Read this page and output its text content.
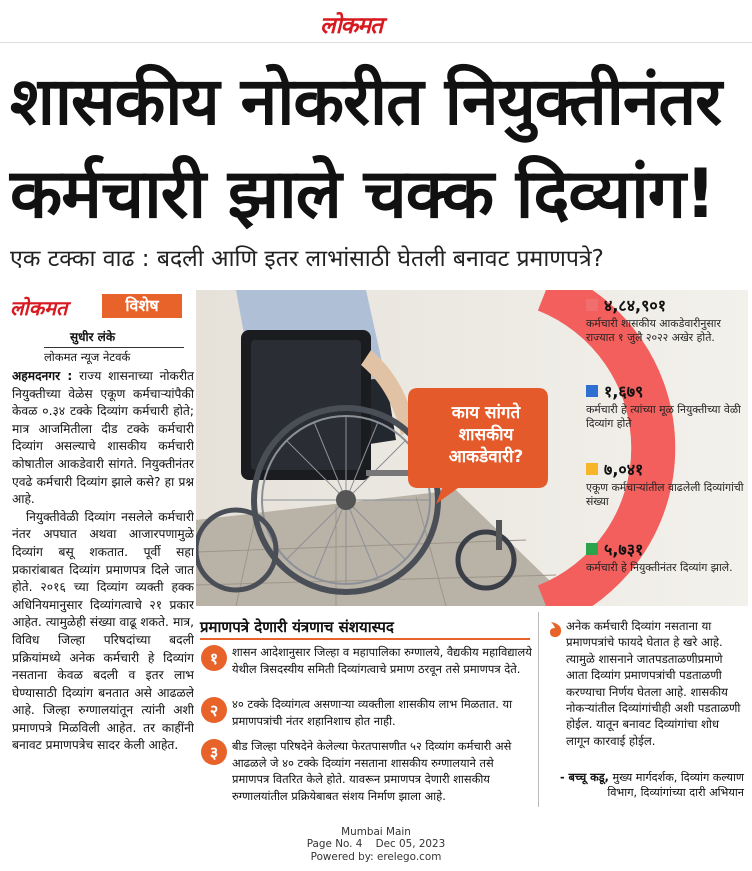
लोकमत
शासकीय नोकरीत नियुक्तीनंतर
कर्मचारी झाले चक्क दिव्यांग!
एक टक्का वाढ : बदली आणि इतर लाभांसाठी घेतली बनावट प्रमाणपत्रे?
लोकमत	विशेष
सुधीर लंके
लोकमत न्यूज नेटवर्क

अहमदनगर : राज्य शासनाच्या नोकरीत नियुक्तीच्या वेळेस एकूण कर्मचाऱ्यांपैकी केवळ ०.३४ टक्के दिव्यांग कर्मचारी होते; मात्र आजमितीला दीड टक्के कर्मचारी दिव्यांग असल्याचे शासकीय कर्मचारी कोषातील आकडेवारी सांगते. नियुक्तीनंतर एवढे कर्मचारी दिव्यांग झाले कसे? हा प्रश्न आहे.

नियुक्तीवेळी दिव्यांग नसलेले कर्मचारी नंतर अपघात अथवा आजारपणामुळे दिव्यांग बसू शकतात. पूर्वी सहा प्रकारांबाबत दिव्यांग प्रमाणपत्र दिले जात होते. २०१६ च्या दिव्यांग व्यक्ती हक्क अधिनियमानुसार दिव्यांगत्वाचे २१ प्रकार आहेत. त्यामुळेही संख्या वाढू शकते. मात्र, विविध जिल्हा परिषदांच्या बदली प्रक्रियांमध्ये अनेक कर्मचारी हे दिव्यांग नसताना केवळ बदली व इतर लाभ घेण्यासाठी दिव्यांग बनतात असे आढळले आहे. जिल्हा रुग्णालयांतून त्यांनी अशी प्रमाणपत्रे मिळविली आहेत. तर काहींनी बनावट प्रमाणपत्रेच सादर केली आहेत.

काय सांगते शासकीय आकडेवारी?
४,८४,९०१
कर्मचारी शासकीय आकडेवारीनुसार राज्यात १ जुलै २०२२ अखेर होते.
१,६७९
कर्मचारी हे त्यांच्या मूळ नियुक्तीच्या वेळी दिव्यांग होते
७,०४१
एकूण कर्मचाऱ्यांतील वाढलेली दिव्यांगांची संख्या
५,७३१
कर्मचारी हे नियुक्तीनंतर दिव्यांग झाले.
प्रमाणपत्रे देणारी यंत्रणाच संशयास्पद
१ शासन आदेशानुसार जिल्हा व महापालिका रुग्णालये, वैद्यकीय महाविद्यालये येथील त्रिसदस्यीय समिती दिव्यांगत्वाचे प्रमाण ठरवून तसे प्रमाणपत्र देते.
२ ४० टक्के दिव्यांगत्व असणाऱ्या व्यक्तीला शासकीय लाभ मिळतात. या प्रमाणपत्रांची नंतर शहानिशाच होत नाही.
३ बीड जिल्हा परिषदेने केलेल्या फेरतपासणीत ५२ दिव्यांग कर्मचारी असे आढळले जे ४० टक्के दिव्यांग नसताना शासकीय रुग्णालयाने तसे प्रमाणपत्र वितरित केले होते. यावरून प्रमाणपत्र देणारी शासकीय रुग्णालयांतील प्रक्रियेबाबत संशय निर्माण झाला आहे.

अनेक कर्मचारी दिव्यांग नसताना या प्रमाणपत्रांचे फायदे घेतात हे खरे आहे. त्यामुळे शासनाने जातपडताळणीप्रमाणे आता दिव्यांग प्रमाणपत्रांची पडताळणी करण्याचा निर्णय घेतला आहे. शासकीय नोकऱ्यांतील दिव्यांगांचीही अशी पडताळणी होईल. यातून बनावट दिव्यांगांचा शोध लागून कारवाई होईल.

- बच्चू कडू, मुख्य मार्गदर्शक, दिव्यांग कल्याण विभाग, दिव्यांगांच्या दारी अभियान
Mumbai Main
Page No. 4 Dec 05, 2023
Powered by: erelego.com
